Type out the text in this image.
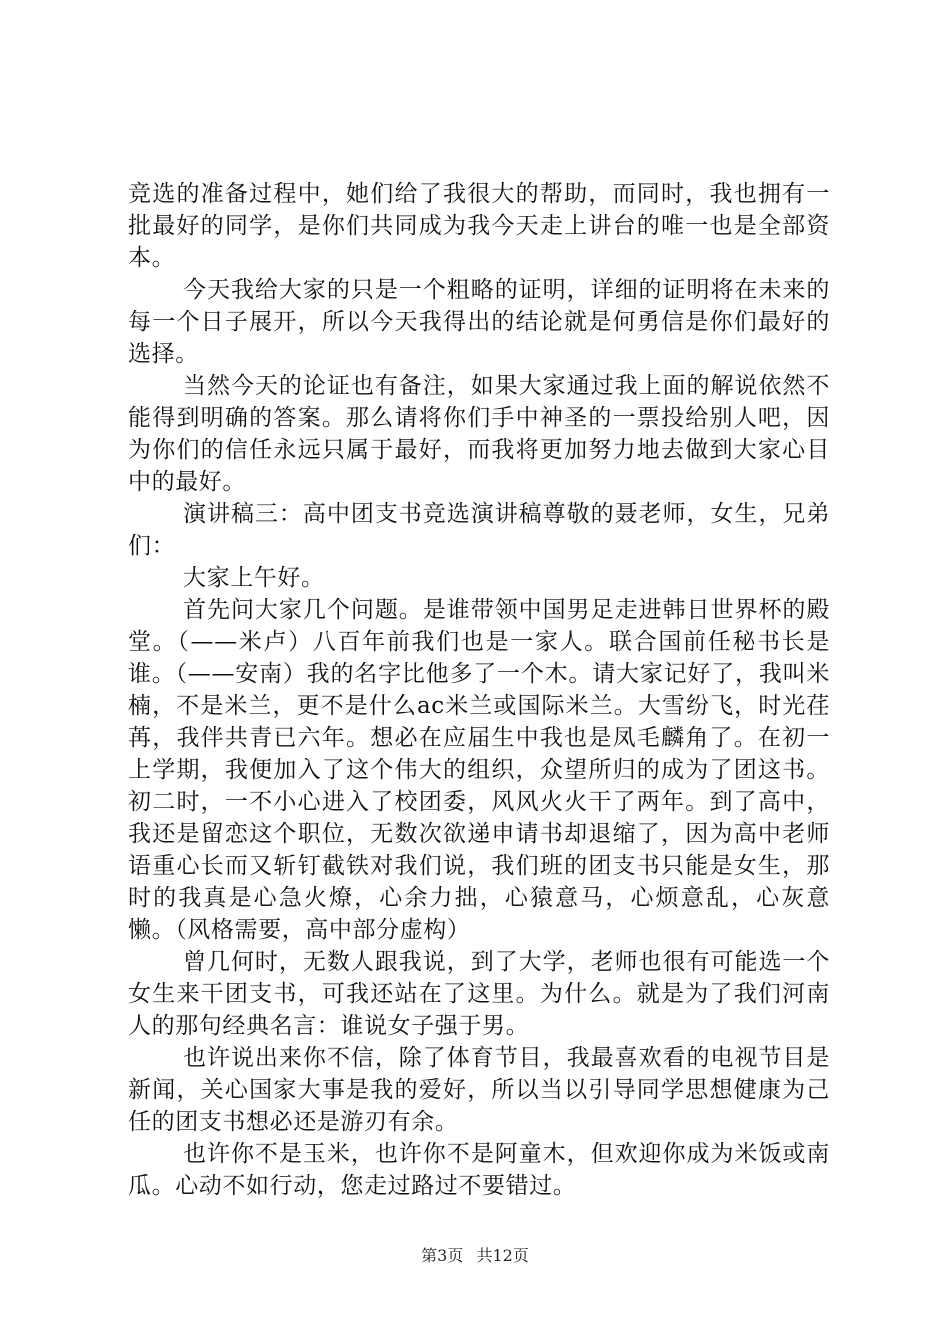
竞选的准备过程中，她们给了我很大的帮助，而同时，我也拥有一批最好的同学，是你们共同成为我今天走上讲台的唯一也是全部资本。

今天我给大家的只是一个粗略的证明，详细的证明将在未来的每一个日子展开，所以今天我得出的结论就是何勇信是你们最好的选择。

当然今天的论证也有备注，如果大家通过我上面的解说依然不能得到明确的答案。那么请将你们手中神圣的一票投给别人吧，因为你们的信任永远只属于最好，而我将更加努力地去做到大家心目中的最好。

演讲稿三：高中团支书竞选演讲稿尊敬的聂老师，女生，兄弟们：

大家上午好。

首先问大家几个问题。是谁带领中国男足走进韩日世界杯的殿堂。（——米卢）八百年前我们也是一家人。联合国前任秘书长是谁。（——安南）我的名字比他多了一个木。请大家记好了，我叫米楠，不是米兰，更不是什么ac米兰或国际米兰。大雪纷飞，时光荏苒，我伴共青已六年。想必在应届生中我也是凤毛麟角了。在初一上学期，我便加入了这个伟大的组织，众望所归的成为了团这书。初二时，一不小心进入了校团委，风风火火干了两年。到了高中，我还是留恋这个职位，无数次欲递申请书却退缩了，因为高中老师语重心长而又斩钉截铁对我们说，我们班的团支书只能是女生，那时的我真是心急火燎，心余力拙，心猿意马，心烦意乱，心灰意懒。（风格需要，高中部分虚构）

曾几何时，无数人跟我说，到了大学，老师也很有可能选一个女生来干团支书，可我还站在了这里。为什么。就是为了我们河南人的那句经典名言：谁说女子强于男。

也许说出来你不信，除了体育节目，我最喜欢看的电视节目是新闻，关心国家大事是我的爱好，所以当以引导同学思想健康为己任的团支书想必还是游刃有余。

也许你不是玉米，也许你不是阿童木，但欢迎你成为米饭或南瓜。心动不如行动，您走过路过不要错过。

第3页 共12页
